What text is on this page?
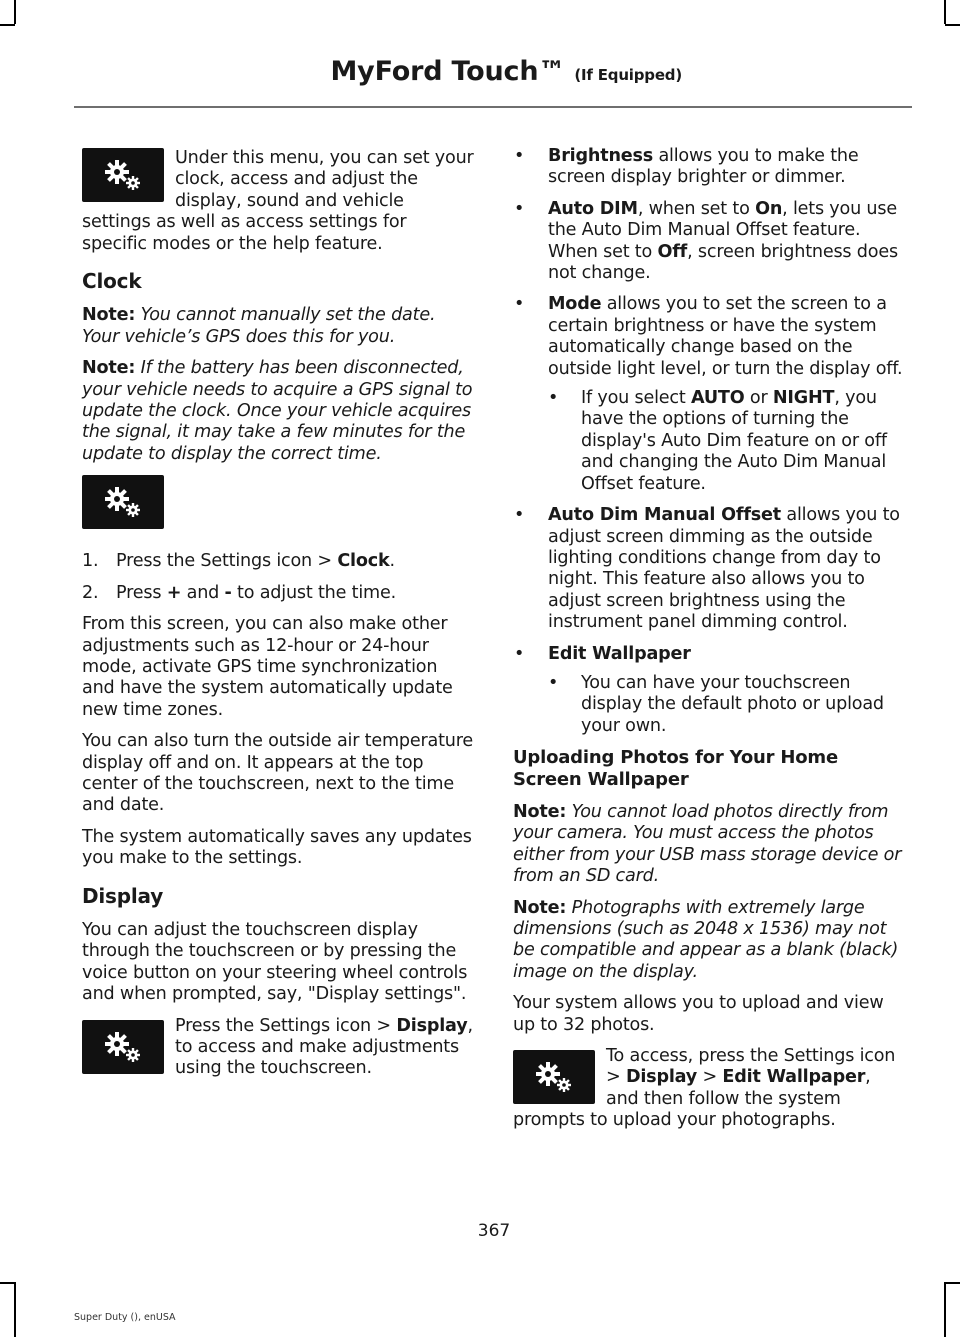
MyFord Touch™ (If Equipped)

Under this menu, you can set your clock, access and adjust the display, sound and vehicle settings as well as access settings for specific modes or the help feature.

Clock

Note: You cannot manually set the date. Your vehicle’s GPS does this for you.

Note: If the battery has been disconnected, your vehicle needs to acquire a GPS signal to update the clock. Once your vehicle acquires the signal, it may take a few minutes for the update to display the correct time.

1. Press the Settings icon > Clock.
2. Press + and - to adjust the time.

From this screen, you can also make other adjustments such as 12-hour or 24-hour mode, activate GPS time synchronization and have the system automatically update new time zones.

You can also turn the outside air temperature display off and on. It appears at the top center of the touchscreen, next to the time and date.

The system automatically saves any updates you make to the settings.

Display

You can adjust the touchscreen display through the touchscreen or by pressing the voice button on your steering wheel controls and when prompted, say, "Display settings".

Press the Settings icon > Display, to access and make adjustments using the touchscreen.

• Brightness allows you to make the screen display brighter or dimmer.
• Auto DIM, when set to On, lets you use the Auto Dim Manual Offset feature. When set to Off, screen brightness does not change.
• Mode allows you to set the screen to a certain brightness or have the system automatically change based on the outside light level, or turn the display off.
• If you select AUTO or NIGHT, you have the options of turning the display's Auto Dim feature on or off and changing the Auto Dim Manual Offset feature.
• Auto Dim Manual Offset allows you to adjust screen dimming as the outside lighting conditions change from day to night. This feature also allows you to adjust screen brightness using the instrument panel dimming control.
• Edit Wallpaper
• You can have your touchscreen display the default photo or upload your own.
Uploading Photos for Your Home Screen Wallpaper

Note: You cannot load photos directly from your camera. You must access the photos either from your USB mass storage device or from an SD card.

Note: Photographs with extremely large dimensions (such as 2048 x 1536) may not be compatible and appear as a blank (black) image on the display.

Your system allows you to upload and view up to 32 photos.

To access, press the Settings icon > Display > Edit Wallpaper, and then follow the system prompts to upload your photographs.

367
Super Duty (), enUSA
